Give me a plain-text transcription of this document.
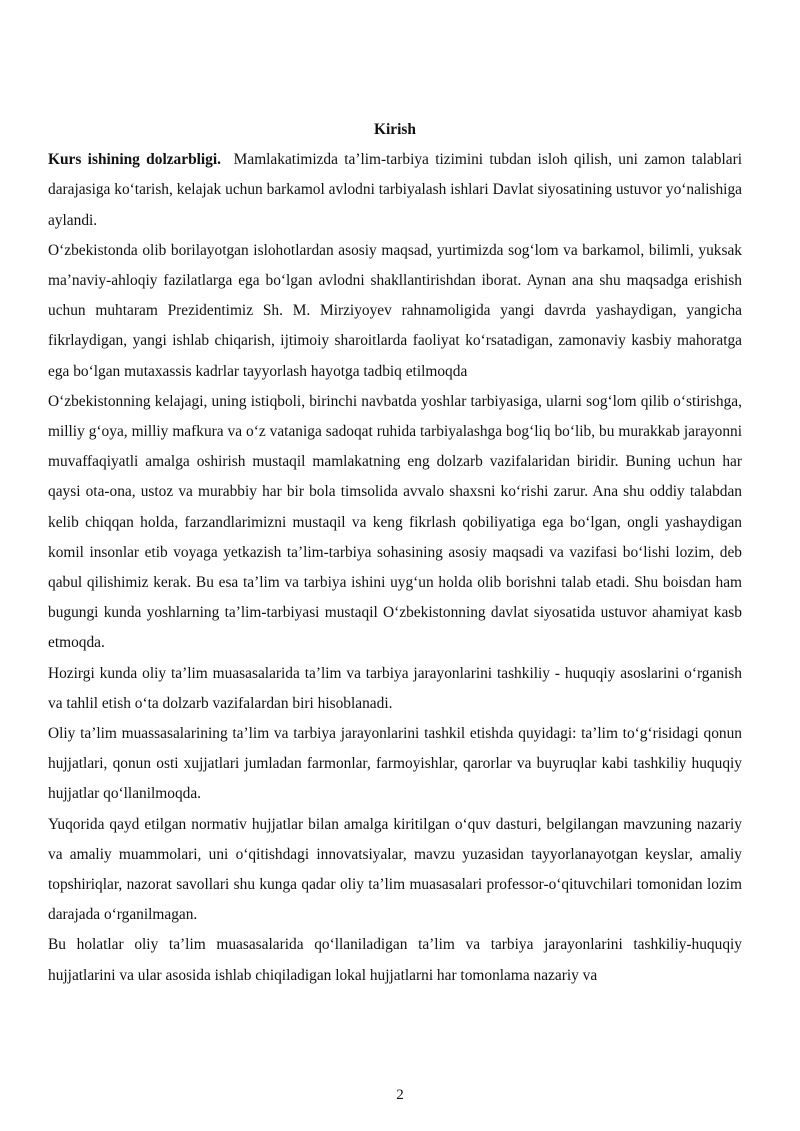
Kirish

Kurs ishining dolzarbligi. Mamlakatimizda ta’lim-tarbiya tizimini tubdan isloh qilish, uni zamon talablari darajasiga ko‘tarish, kelajak uchun barkamol avlodni tarbiyalash ishlari Davlat siyosatining ustuvor yo‘nalishiga aylandi.

O‘zbekistonda olib borilayotgan islohotlardan asosiy maqsad, yurtimizda sog‘lom va barkamol, bilimli, yuksak ma’naviy-ahloqiy fazilatlarga ega bo‘lgan avlodni shakllantirishdan iborat. Aynan ana shu maqsadga erishish uchun muhtaram Prezidentimiz Sh. M. Mirziyoyev rahnamoligida yangi davrda yashaydigan, yangicha fikrlaydigan, yangi ishlab chiqarish, ijtimoiy sharoitlarda faoliyat ko‘rsatadigan, zamonaviy kasbiy mahoratga ega bo‘lgan mutaxassis kadrlar tayyorlash hayotga tadbiq etilmoqda

O‘zbekistonning kelajagi, uning istiqboli, birinchi navbatda yoshlar tarbiyasiga, ularni sog‘lom qilib o‘stirishga, milliy g‘oya, milliy mafkura va o‘z vataniga sadoqat ruhida tarbiyalashga bog‘liq bo‘lib, bu murakkab jarayonni muvaffaqiyatli amalga oshirish mustaqil mamlakatning eng dolzarb vazifalaridan biridir. Buning uchun har qaysi ota-ona, ustoz va murabbiy har bir bola timsolida avvalo shaxsni ko‘rishi zarur. Ana shu oddiy talabdan kelib chiqqan holda, farzandlarimizni mustaqil va keng fikrlash qobiliyatiga ega bo‘lgan, ongli yashaydigan komil insonlar etib voyaga yetkazish ta’lim-tarbiya sohasining asosiy maqsadi va vazifasi bo‘lishi lozim, deb qabul qilishimiz kerak. Bu esa ta’lim va tarbiya ishini uyg‘un holda olib borishni talab etadi. Shu boisdan ham bugungi kunda yoshlarning ta’lim-tarbiyasi mustaqil O‘zbekistonning davlat siyosatida ustuvor ahamiyat kasb etmoqda.

Hozirgi kunda oliy ta’lim muasasalarida ta’lim va tarbiya jarayonlarini tashkiliy - huquqiy asoslarini o‘rganish va tahlil etish o‘ta dolzarb vazifalardan biri hisoblanadi.

Oliy ta’lim muassasalarining ta’lim va tarbiya jarayonlarini tashkil etishda quyidagi: ta’lim to‘g‘risidagi qonun hujjatlari, qonun osti xujjatlari jumladan farmonlar, farmoyishlar, qarorlar va buyruqlar kabi tashkiliy huquqiy hujjatlar qo‘llanilmoqda.

Yuqorida qayd etilgan normativ hujjatlar bilan amalga kiritilgan o‘quv dasturi, belgilangan mavzuning nazariy va amaliy muammolari, uni o‘qitishdagi innovatsiyalar, mavzu yuzasidan tayyorlanayotgan keyslar, amaliy topshiriqlar, nazorat savollari shu kunga qadar oliy ta’lim muasasalari professor-o‘qituvchilari tomonidan lozim darajada o‘rganilmagan.

Bu holatlar oliy ta’lim muasasalarida qo‘llaniladigan ta’lim va tarbiya jarayonlarini tashkiliy-huquqiy hujjatlarini va ular asosida ishlab chiqiladigan lokal hujjatlarni har tomonlama nazariy va

2
